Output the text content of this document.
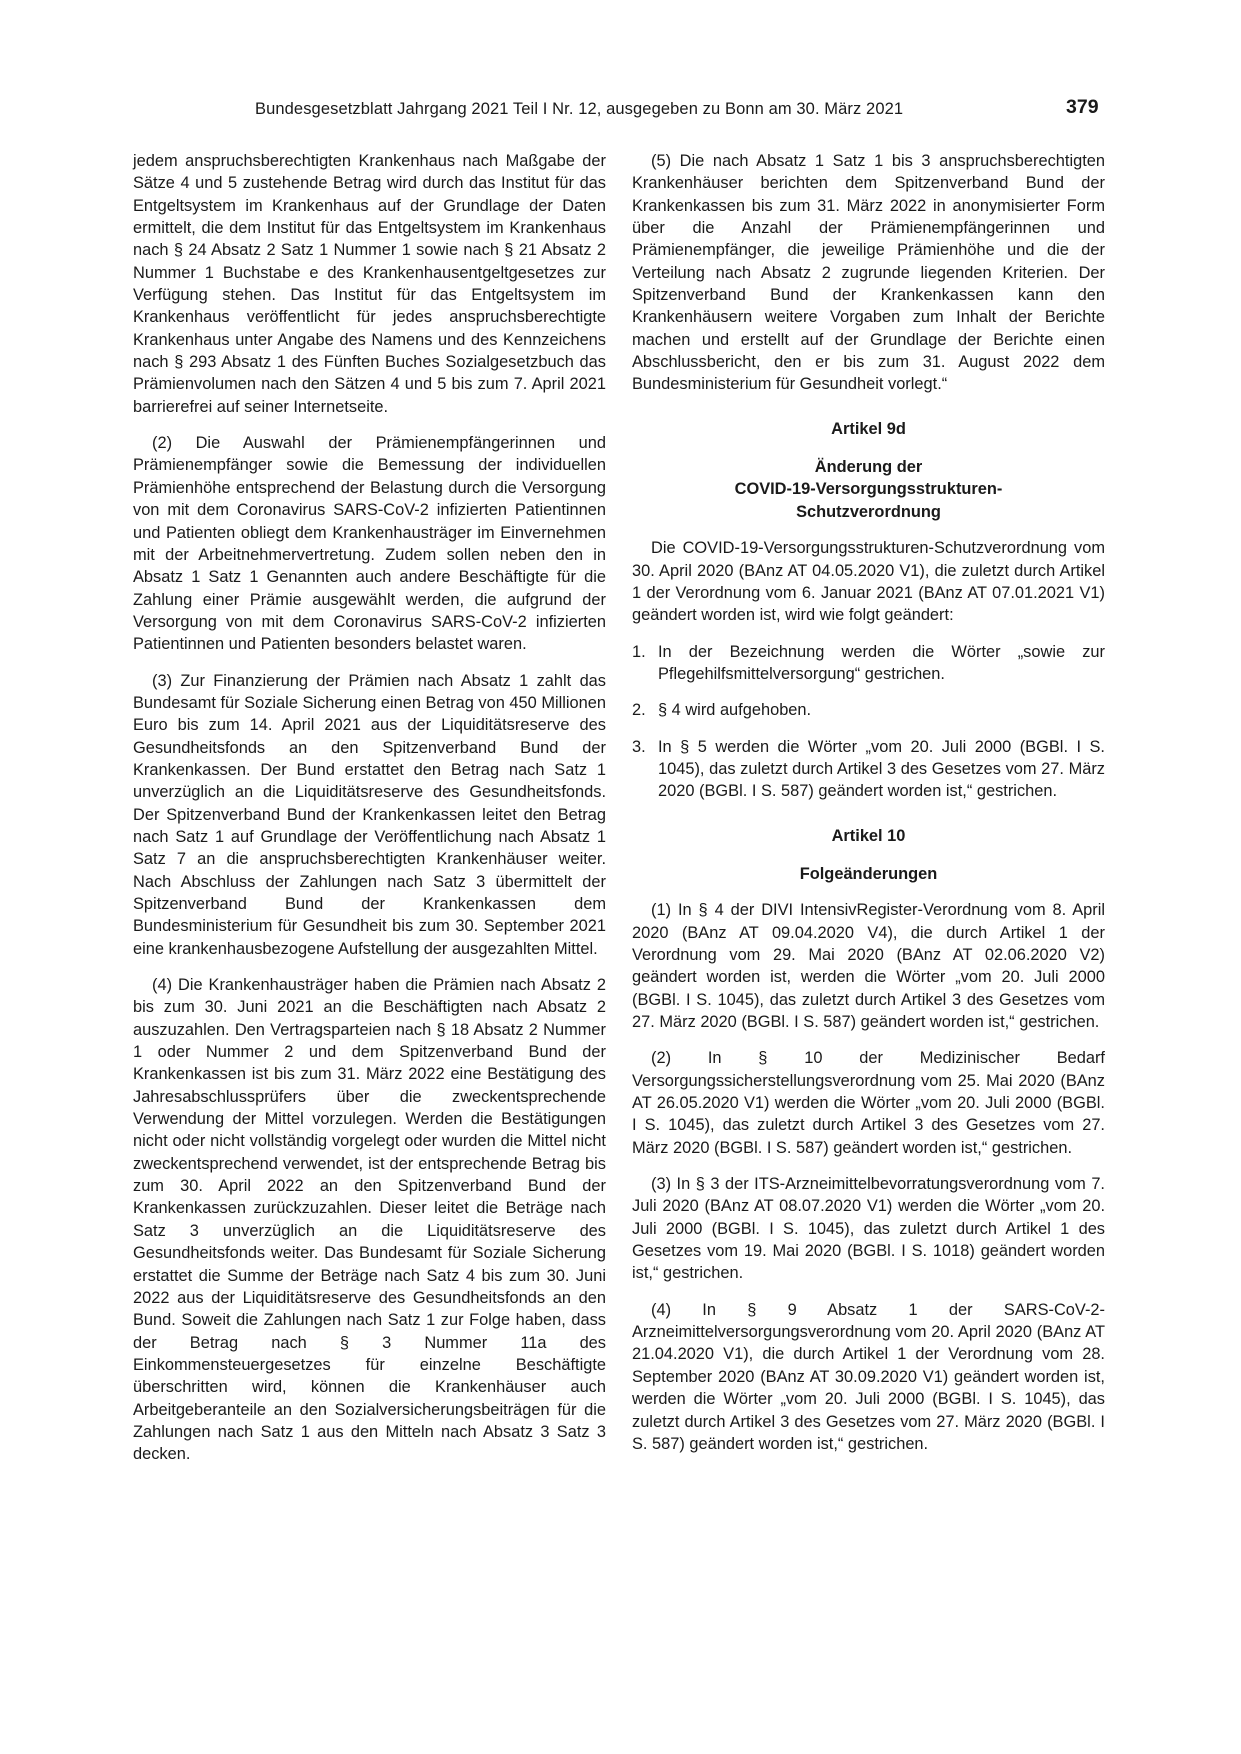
Bundesgesetzblatt Jahrgang 2021 Teil I Nr. 12, ausgegeben zu Bonn am 30. März 2021	379

jedem anspruchsberechtigten Krankenhaus nach Maßgabe der Sätze 4 und 5 zustehende Betrag wird durch das Institut für das Entgeltsystem im Krankenhaus auf der Grundlage der Daten ermittelt, die dem Institut für das Entgeltsystem im Krankenhaus nach § 24 Absatz 2 Satz 1 Nummer 1 sowie nach § 21 Absatz 2 Nummer 1 Buchstabe e des Krankenhausentgeltgesetzes zur Verfügung stehen. Das Institut für das Entgeltsystem im Krankenhaus veröffentlicht für jedes anspruchsberechtigte Krankenhaus unter Angabe des Namens und des Kennzeichens nach § 293 Absatz 1 des Fünften Buches Sozialgesetzbuch das Prämienvolumen nach den Sätzen 4 und 5 bis zum 7. April 2021 barrierefrei auf seiner Internetseite.

(2) Die Auswahl der Prämienempfängerinnen und Prämienempfänger sowie die Bemessung der individuellen Prämienhöhe entsprechend der Belastung durch die Versorgung von mit dem Coronavirus SARS-CoV-2 infizierten Patientinnen und Patienten obliegt dem Krankenhausträger im Einvernehmen mit der Arbeitnehmervertretung. Zudem sollen neben den in Absatz 1 Satz 1 Genannten auch andere Beschäftigte für die Zahlung einer Prämie ausgewählt werden, die aufgrund der Versorgung von mit dem Coronavirus SARS-CoV-2 infizierten Patientinnen und Patienten besonders belastet waren.

(3) Zur Finanzierung der Prämien nach Absatz 1 zahlt das Bundesamt für Soziale Sicherung einen Betrag von 450 Millionen Euro bis zum 14. April 2021 aus der Liquiditätsreserve des Gesundheitsfonds an den Spitzenverband Bund der Krankenkassen. Der Bund erstattet den Betrag nach Satz 1 unverzüglich an die Liquiditätsreserve des Gesundheitsfonds. Der Spitzenverband Bund der Krankenkassen leitet den Betrag nach Satz 1 auf Grundlage der Veröffentlichung nach Absatz 1 Satz 7 an die anspruchsberechtigten Krankenhäuser weiter. Nach Abschluss der Zahlungen nach Satz 3 übermittelt der Spitzenverband Bund der Krankenkassen dem Bundesministerium für Gesundheit bis zum 30. September 2021 eine krankenhausbezogene Aufstellung der ausgezahlten Mittel.

(4) Die Krankenhausträger haben die Prämien nach Absatz 2 bis zum 30. Juni 2021 an die Beschäftigten nach Absatz 2 auszuzahlen. Den Vertragsparteien nach § 18 Absatz 2 Nummer 1 oder Nummer 2 und dem Spitzenverband Bund der Krankenkassen ist bis zum 31. März 2022 eine Bestätigung des Jahresabschlussprüfers über die zweckentsprechende Verwendung der Mittel vorzulegen. Werden die Bestätigungen nicht oder nicht vollständig vorgelegt oder wurden die Mittel nicht zweckentsprechend verwendet, ist der entsprechende Betrag bis zum 30. April 2022 an den Spitzenverband Bund der Krankenkassen zurückzuzahlen. Dieser leitet die Beträge nach Satz 3 unverzüglich an die Liquiditätsreserve des Gesundheitsfonds weiter. Das Bundesamt für Soziale Sicherung erstattet die Summe der Beträge nach Satz 4 bis zum 30. Juni 2022 aus der Liquiditätsreserve des Gesundheitsfonds an den Bund. Soweit die Zahlungen nach Satz 1 zur Folge haben, dass der Betrag nach § 3 Nummer 11a des Einkommensteuergesetzes für einzelne Beschäftigte überschritten wird, können die Krankenhäuser auch Arbeitgeberanteile an den Sozialversicherungsbeiträgen für die Zahlungen nach Satz 1 aus den Mitteln nach Absatz 3 Satz 3 decken.

(5) Die nach Absatz 1 Satz 1 bis 3 anspruchsberechtigten Krankenhäuser berichten dem Spitzenverband Bund der Krankenkassen bis zum 31. März 2022 in anonymisierter Form über die Anzahl der Prämienempfängerinnen und Prämienempfänger, die jeweilige Prämienhöhe und die der Verteilung nach Absatz 2 zugrunde liegenden Kriterien. Der Spitzenverband Bund der Krankenkassen kann den Krankenhäusern weitere Vorgaben zum Inhalt der Berichte machen und erstellt auf der Grundlage der Berichte einen Abschlussbericht, den er bis zum 31. August 2022 dem Bundesministerium für Gesundheit vorlegt.“

Artikel 9d

Änderung der
COVID-19-Versorgungsstrukturen-
Schutzverordnung

Die COVID-19-Versorgungsstrukturen-Schutzverordnung vom 30. April 2020 (BAnz AT 04.05.2020 V1), die zuletzt durch Artikel 1 der Verordnung vom 6. Januar 2021 (BAnz AT 07.01.2021 V1) geändert worden ist, wird wie folgt geändert:

1. In der Bezeichnung werden die Wörter „sowie zur Pflegehilfsmittelversorgung“ gestrichen.
2. § 4 wird aufgehoben.
3. In § 5 werden die Wörter „vom 20. Juli 2000 (BGBl. I S. 1045), das zuletzt durch Artikel 3 des Gesetzes vom 27. März 2020 (BGBl. I S. 587) geändert worden ist,“ gestrichen.

Artikel 10

Folgeänderungen

(1) In § 4 der DIVI IntensivRegister-Verordnung vom 8. April 2020 (BAnz AT 09.04.2020 V4), die durch Artikel 1 der Verordnung vom 29. Mai 2020 (BAnz AT 02.06.2020 V2) geändert worden ist, werden die Wörter „vom 20. Juli 2000 (BGBl. I S. 1045), das zuletzt durch Artikel 3 des Gesetzes vom 27. März 2020 (BGBl. I S. 587) geändert worden ist,“ gestrichen.

(2) In § 10 der Medizinischer Bedarf Versorgungssicherstellungsverordnung vom 25. Mai 2020 (BAnz AT 26.05.2020 V1) werden die Wörter „vom 20. Juli 2000 (BGBl. I S. 1045), das zuletzt durch Artikel 3 des Gesetzes vom 27. März 2020 (BGBl. I S. 587) geändert worden ist,“ gestrichen.

(3) In § 3 der ITS-Arzneimittelbevorratungsverordnung vom 7. Juli 2020 (BAnz AT 08.07.2020 V1) werden die Wörter „vom 20. Juli 2000 (BGBl. I S. 1045), das zuletzt durch Artikel 1 des Gesetzes vom 19. Mai 2020 (BGBl. I S. 1018) geändert worden ist,“ gestrichen.

(4) In § 9 Absatz 1 der SARS-CoV-2-Arzneimittelversorgungsverordnung vom 20. April 2020 (BAnz AT 21.04.2020 V1), die durch Artikel 1 der Verordnung vom 28. September 2020 (BAnz AT 30.09.2020 V1) geändert worden ist, werden die Wörter „vom 20. Juli 2000 (BGBl. I S. 1045), das zuletzt durch Artikel 3 des Gesetzes vom 27. März 2020 (BGBl. I S. 587) geändert worden ist,“ gestrichen.
